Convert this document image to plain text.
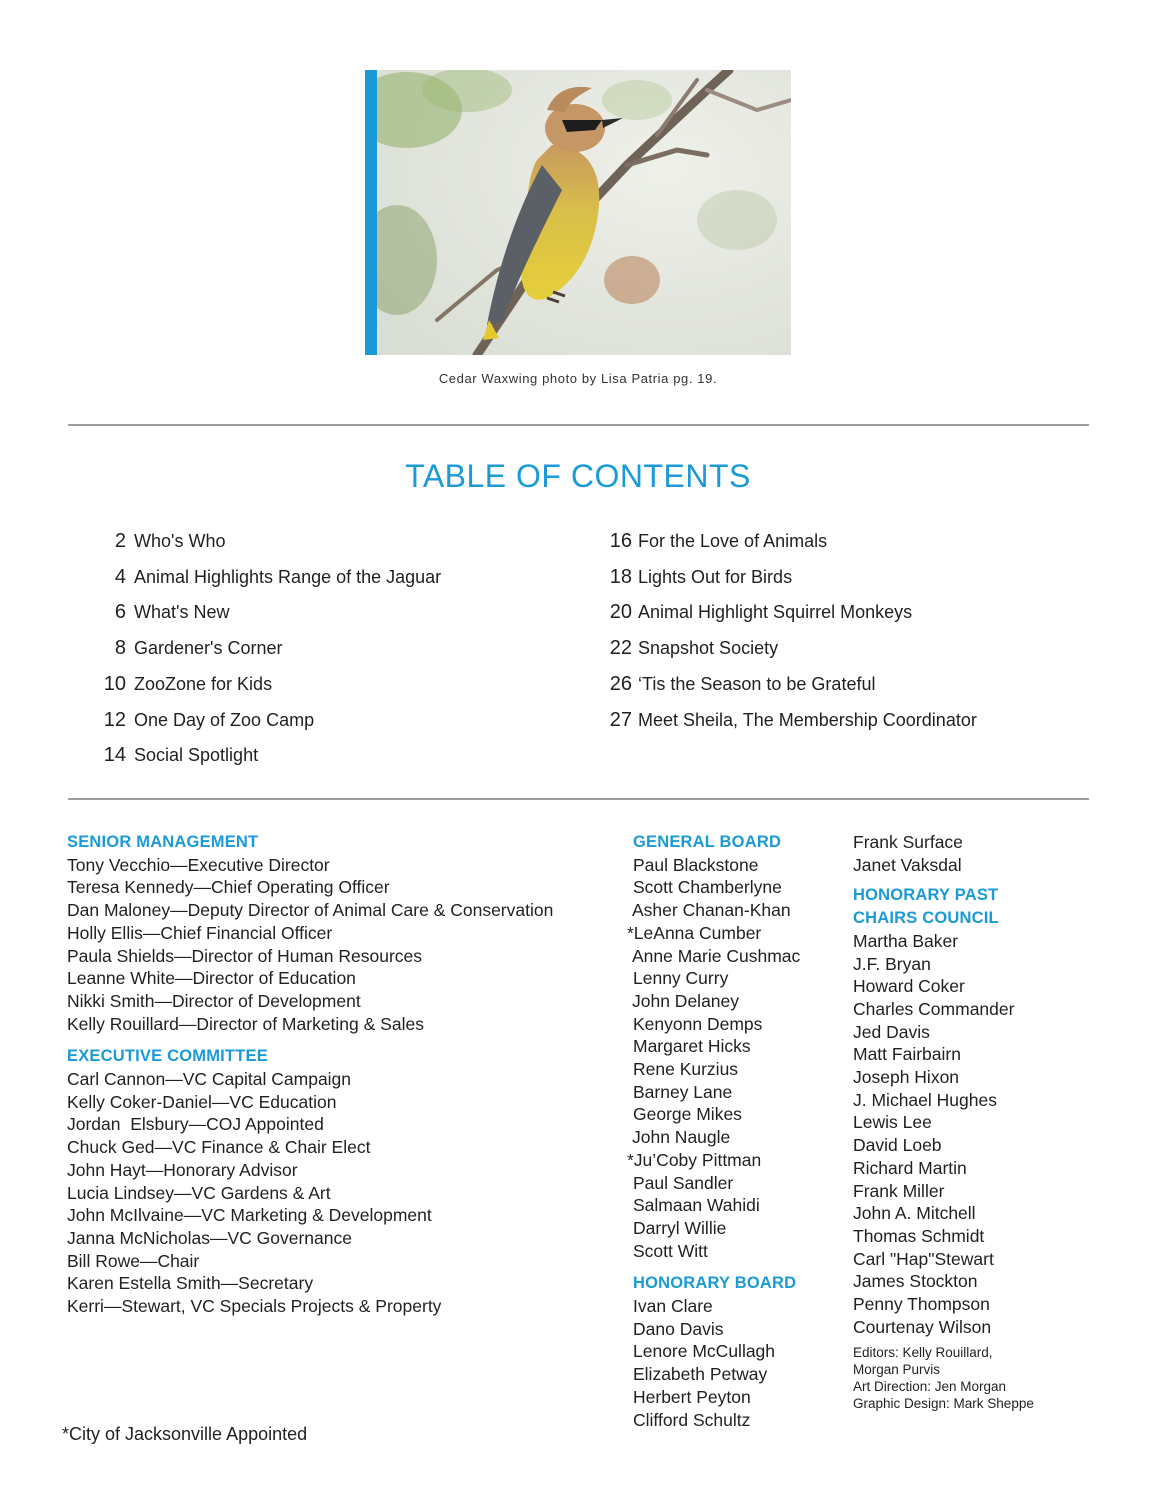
Cedar Waxwing photo by Lisa Patria pg. 19.
TABLE OF CONTENTS
2 Who's Who
4 Animal Highlights Range of the Jaguar
6 What's New
8 Gardener's Corner
10 ZooZone for Kids
12 One Day of Zoo Camp
14 Social Spotlight
16 For the Love of Animals
18 Lights Out for Birds
20 Animal Highlight Squirrel Monkeys
22 Snapshot Society
26 ‘Tis the Season to be Grateful
27 Meet Sheila, The Membership Coordinator
SENIOR MANAGEMENT
Tony Vecchio—Executive Director
Teresa Kennedy—Chief Operating Officer
Dan Maloney—Deputy Director of Animal Care & Conservation
Holly Ellis—Chief Financial Officer
Paula Shields—Director of Human Resources
Leanne White—Director of Education
Nikki Smith—Director of Development
Kelly Rouillard—Director of Marketing & Sales
EXECUTIVE COMMITTEE
Carl Cannon—VC Capital Campaign
Kelly Coker-Daniel—VC Education
Jordan  Elsbury—COJ Appointed
Chuck Ged—VC Finance & Chair Elect
John Hayt—Honorary Advisor
Lucia Lindsey—VC Gardens & Art
John McIlvaine—VC Marketing & Development
Janna McNicholas—VC Governance
Bill Rowe—Chair
Karen Estella Smith—Secretary
Kerri—Stewart, VC Specials Projects & Property
GENERAL BOARD
Paul Blackstone
Scott Chamberlyne
Asher Chanan-Khan
*LeAnna Cumber
Anne Marie Cushmac
Lenny Curry
John Delaney
Kenyonn Demps
Margaret Hicks
Rene Kurzius
Barney Lane
George Mikes
John Naugle
*Ju’Coby Pittman
Paul Sandler
Salmaan Wahidi
Darryl Willie
Scott Witt
HONORARY BOARD
Ivan Clare
Dano Davis
Lenore McCullagh
Elizabeth Petway
Herbert Peyton
Clifford Schultz
Frank Surface
Janet Vaksdal
HONORARY PAST
CHAIRS COUNCIL
Martha Baker
J.F. Bryan
Howard Coker
Charles Commander
Jed Davis
Matt Fairbairn
Joseph Hixon
J. Michael Hughes
Lewis Lee
David Loeb
Richard Martin
Frank Miller
John A. Mitchell
Thomas Schmidt
Carl "Hap"Stewart
James Stockton
Penny Thompson
Courtenay Wilson
Editors: Kelly Rouillard,
Morgan Purvis
Art Direction: Jen Morgan
Graphic Design: Mark Sheppe
*City of Jacksonville Appointed
